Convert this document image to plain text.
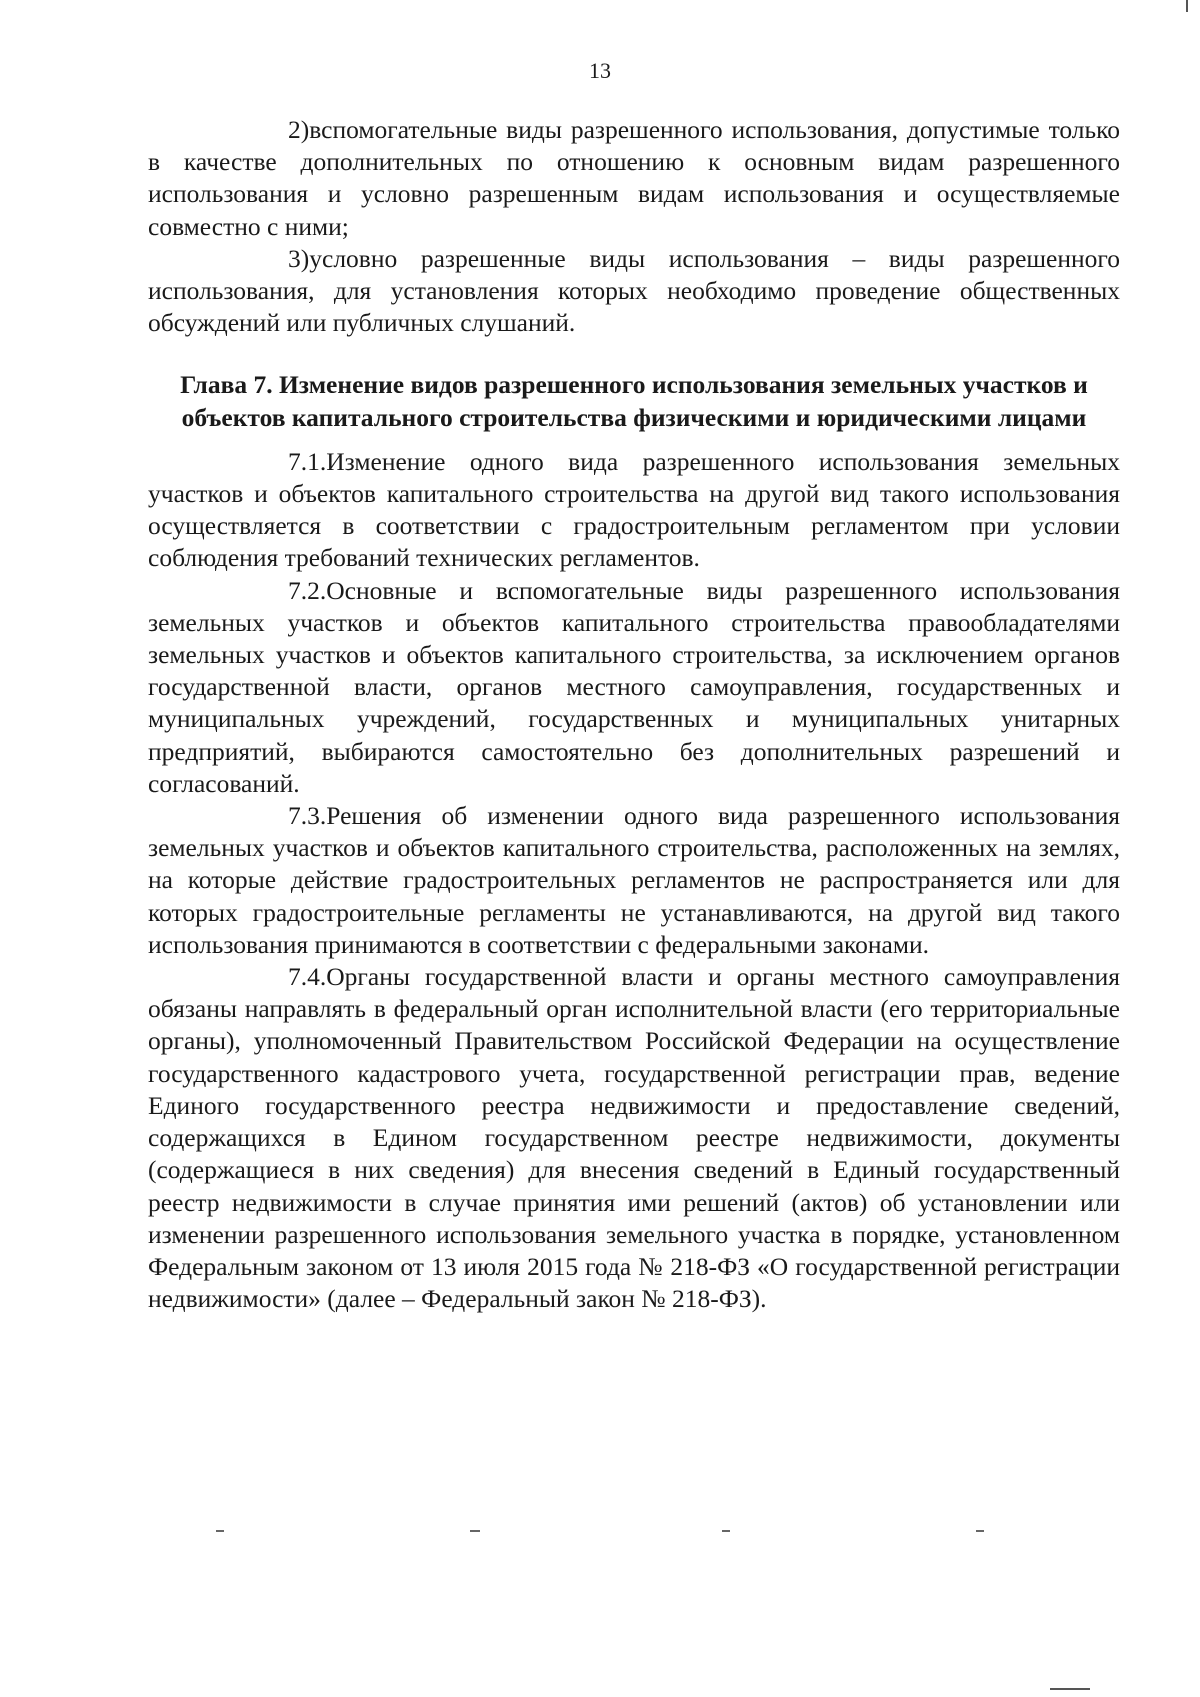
13

2)вспомогательные виды разрешенного использования, допустимые только в качестве дополнительных по отношению к основным видам разрешенного использования и условно разрешенным видам использования и осуществляемые совместно с ними;

3)условно разрешенные виды использования – виды разрешенного использования, для установления которых необходимо проведение общественных обсуждений или публичных слушаний.

Глава 7. Изменение видов разрешенного использования земельных участков и объектов капитального строительства физическими и юридическими лицами

7.1.Изменение одного вида разрешенного использования земельных участков и объектов капитального строительства на другой вид такого использования осуществляется в соответствии с градостроительным регламентом при условии соблюдения требований технических регламентов.

7.2.Основные и вспомогательные виды разрешенного использования земельных участков и объектов капитального строительства правообладателями земельных участков и объектов капитального строительства, за исключением органов государственной власти, органов местного самоуправления, государственных и муниципальных учреждений, государственных и муниципальных унитарных предприятий, выбираются самостоятельно без дополнительных разрешений и согласований.

7.3.Решения об изменении одного вида разрешенного использования земельных участков и объектов капитального строительства, расположенных на землях, на которые действие градостроительных регламентов не распространяется или для которых градостроительные регламенты не устанавливаются, на другой вид такого использования принимаются в соответствии с федеральными законами.

7.4.Органы государственной власти и органы местного самоуправления обязаны направлять в федеральный орган исполнительной власти (его территориальные органы), уполномоченный Правительством Российской Федерации на осуществление государственного кадастрового учета, государственной регистрации прав, ведение Единого государственного реестра недвижимости и предоставление сведений, содержащихся в Едином государственном реестре недвижимости, документы (содержащиеся в них сведения) для внесения сведений в Единый государственный реестр недвижимости в случае принятия ими решений (актов) об установлении или изменении разрешенного использования земельного участка в порядке, установленном Федеральным законом от 13 июля 2015 года № 218-ФЗ «О государственной регистрации недвижимости» (далее – Федеральный закон № 218-ФЗ).
